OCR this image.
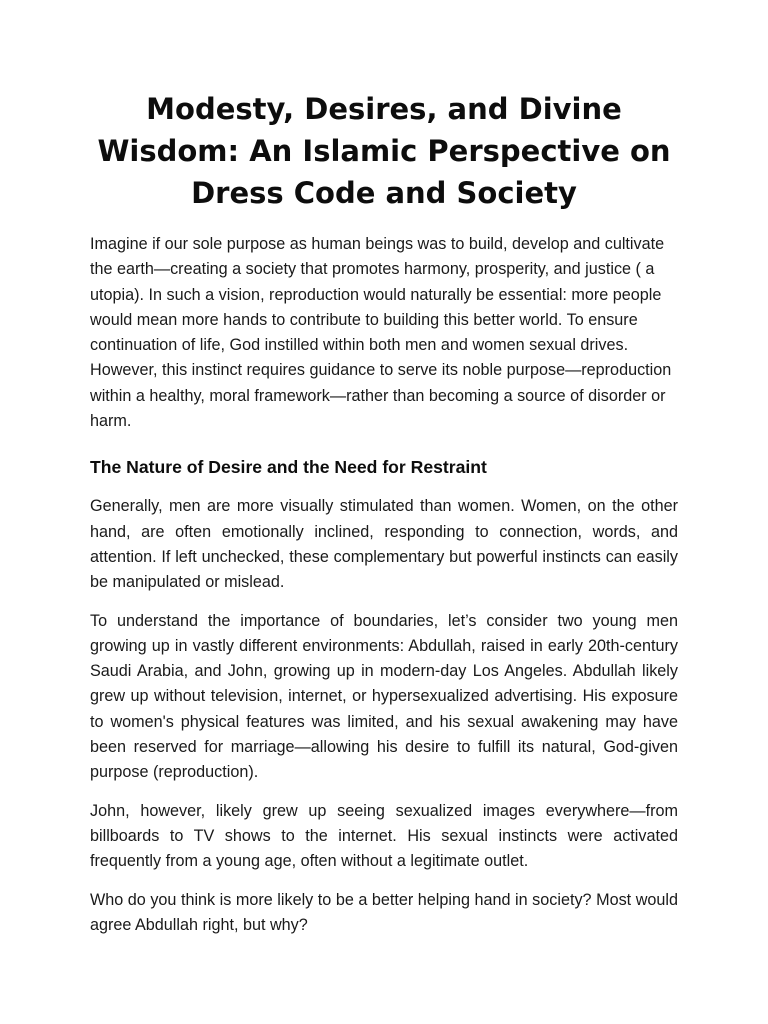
Modesty, Desires, and Divine Wisdom: An Islamic Perspective on Dress Code and Society

Imagine if our sole purpose as human beings was to build, develop and cultivate the earth—creating a society that promotes harmony, prosperity, and justice ( a utopia). In such a vision, reproduction would naturally be essential: more people would mean more hands to contribute to building this better world. To ensure continuation of life, God instilled within both men and women sexual drives. However, this instinct requires guidance to serve its noble purpose—reproduction within a healthy, moral framework—rather than becoming a source of disorder or harm.

The Nature of Desire and the Need for Restraint

Generally, men are more visually stimulated than women. Women, on the other hand, are often emotionally inclined, responding to connection, words, and attention. If left unchecked, these complementary but powerful instincts can easily be manipulated or mislead.

To understand the importance of boundaries, let’s consider two young men growing up in vastly different environments: Abdullah, raised in early 20th-century Saudi Arabia, and John, growing up in modern-day Los Angeles. Abdullah likely grew up without television, internet, or hypersexualized advertising. His exposure to women's physical features was limited, and his sexual awakening may have been reserved for marriage—allowing his desire to fulfill its natural, God-given purpose (reproduction).

John, however, likely grew up seeing sexualized images everywhere—from billboards to TV shows to the internet. His sexual instincts were activated frequently from a young age, often without a legitimate outlet.

Who do you think is more likely to be a better helping hand in society? Most would agree Abdullah right, but why?
